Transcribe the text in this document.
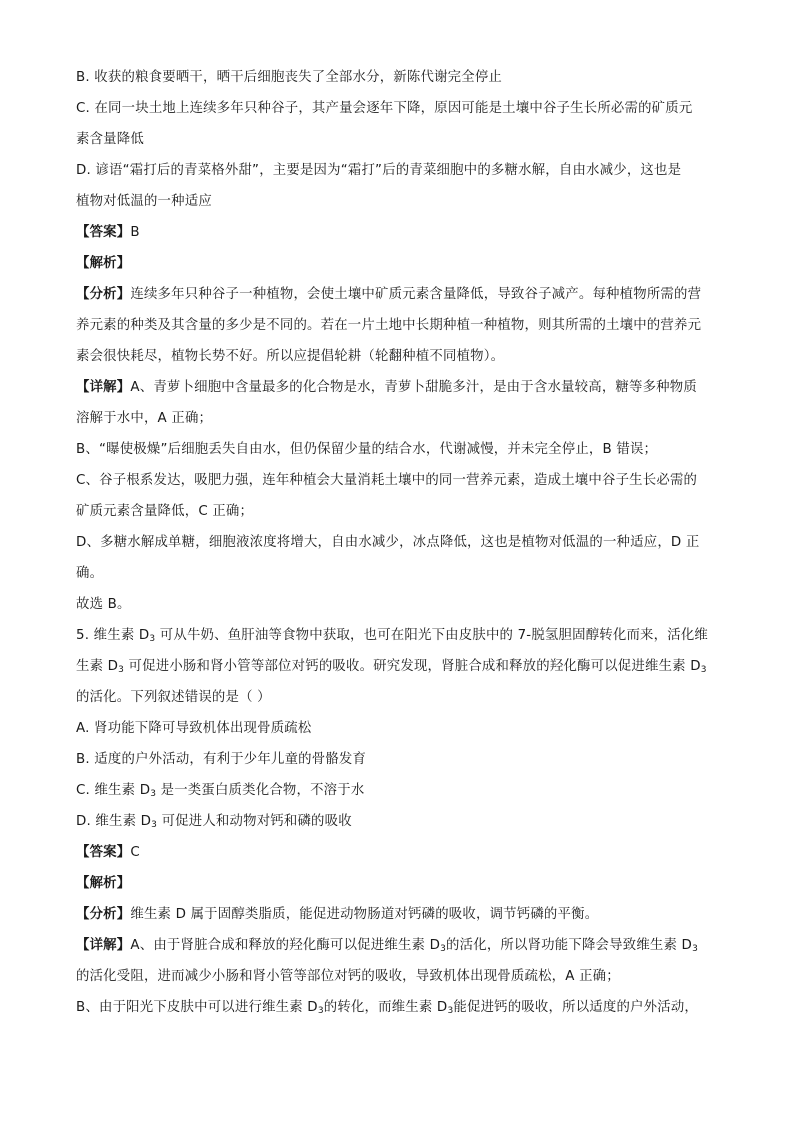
B. 收获的粮食要晒干，晒干后细胞丧失了全部水分，新陈代谢完全停止
C. 在同一块土地上连续多年只种谷子，其产量会逐年下降，原因可能是土壤中谷子生长所必需的矿质元
素含量降低
D. 谚语“霜打后的青菜格外甜”，主要是因为“霜打”后的青菜细胞中的多糖水解，自由水减少，这也是
植物对低温的一种适应
【答案】B
【解析】
【分析】连续多年只种谷子一种植物，会使土壤中矿质元素含量降低，导致谷子减产。每种植物所需的营
养元素的种类及其含量的多少是不同的。若在一片土地中长期种植一种植物，则其所需的土壤中的营养元
素会很快耗尽，植物长势不好。所以应提倡轮耕（轮翻种植不同植物）。
【详解】A、青萝卜细胞中含量最多的化合物是水，青萝卜甜脆多汁，是由于含水量较高，糖等多种物质
溶解于水中，A 正确；
B、“曝使极燥”后细胞丢失自由水，但仍保留少量的结合水，代谢减慢，并未完全停止，B 错误；
C、谷子根系发达，吸肥力强，连年种植会大量消耗土壤中的同一营养元素，造成土壤中谷子生长必需的
矿质元素含量降低，C 正确；
D、多糖水解成单糖，细胞液浓度将增大，自由水减少，冰点降低，这也是植物对低温的一种适应，D 正
确。
故选 B。
5. 维生素 $D_3$ 可从牛奶、鱼肝油等食物中获取，也可在阳光下由皮肤中的 7-脱氢胆固醇转化而来，活化维
生素 $D_3$ 可促进小肠和肾小管等部位对钙的吸收。研究发现，肾脏合成和释放的羟化酶可以促进维生素 $D_3$
的活化。下列叙述错误的是（ ）
A. 肾功能下降可导致机体出现骨质疏松
B. 适度的户外活动，有利于少年儿童的骨骼发育
C. 维生素 $D_3$ 是一类蛋白质类化合物，不溶于水
D. 维生素 $D_3$ 可促进人和动物对钙和磷的吸收
【答案】C
【解析】
【分析】维生素 D 属于固醇类脂质，能促进动物肠道对钙磷的吸收，调节钙磷的平衡。
【详解】A、由于肾脏合成和释放的羟化酶可以促进维生素 $D_3$的活化，所以肾功能下降会导致维生素 $D_3$
的活化受阻，进而减少小肠和肾小管等部位对钙的吸收，导致机体出现骨质疏松，A 正确；
B、由于阳光下皮肤中可以进行维生素 $D_3$的转化，而维生素 $D_3$能促进钙的吸收，所以适度的户外活动，
